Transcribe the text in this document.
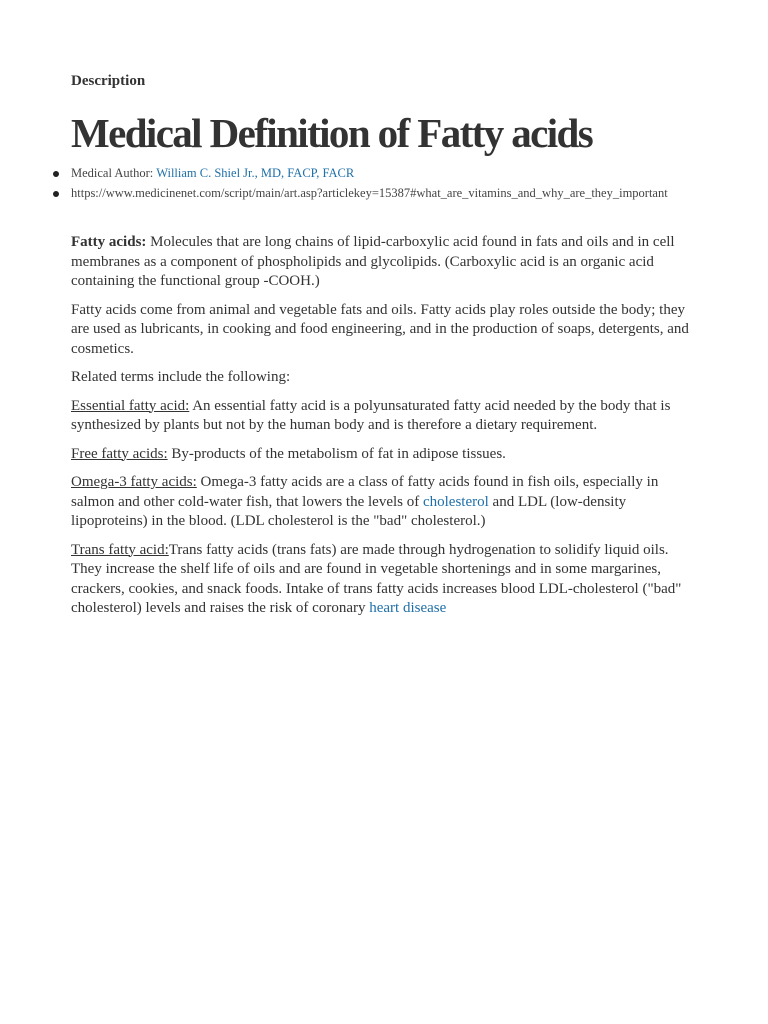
Description
Medical Definition of Fatty acids
Medical Author: William C. Shiel Jr., MD, FACP, FACR
https://www.medicinenet.com/script/main/art.asp?articlekey=15387#what_are_vitamins_and_why_are_they_important

Fatty acids: Molecules that are long chains of lipid-carboxylic acid found in fats and oils and in cell membranes as a component of phospholipids and glycolipids. (Carboxylic acid is an organic acid containing the functional group -COOH.)

Fatty acids come from animal and vegetable fats and oils. Fatty acids play roles outside the body; they are used as lubricants, in cooking and food engineering, and in the production of soaps, detergents, and cosmetics.

Related terms include the following:

Essential fatty acid: An essential fatty acid is a polyunsaturated fatty acid needed by the body that is synthesized by plants but not by the human body and is therefore a dietary requirement.

Free fatty acids: By-products of the metabolism of fat in adipose tissues.

Omega-3 fatty acids: Omega-3 fatty acids are a class of fatty acids found in fish oils, especially in salmon and other cold-water fish, that lowers the levels of cholesterol and LDL (low-density lipoproteins) in the blood. (LDL cholesterol is the "bad" cholesterol.)

Trans fatty acid:Trans fatty acids (trans fats) are made through hydrogenation to solidify liquid oils. They increase the shelf life of oils and are found in vegetable shortenings and in some margarines, crackers, cookies, and snack foods. Intake of trans fatty acids increases blood LDL-cholesterol ("bad" cholesterol) levels and raises the risk of coronary heart disease
